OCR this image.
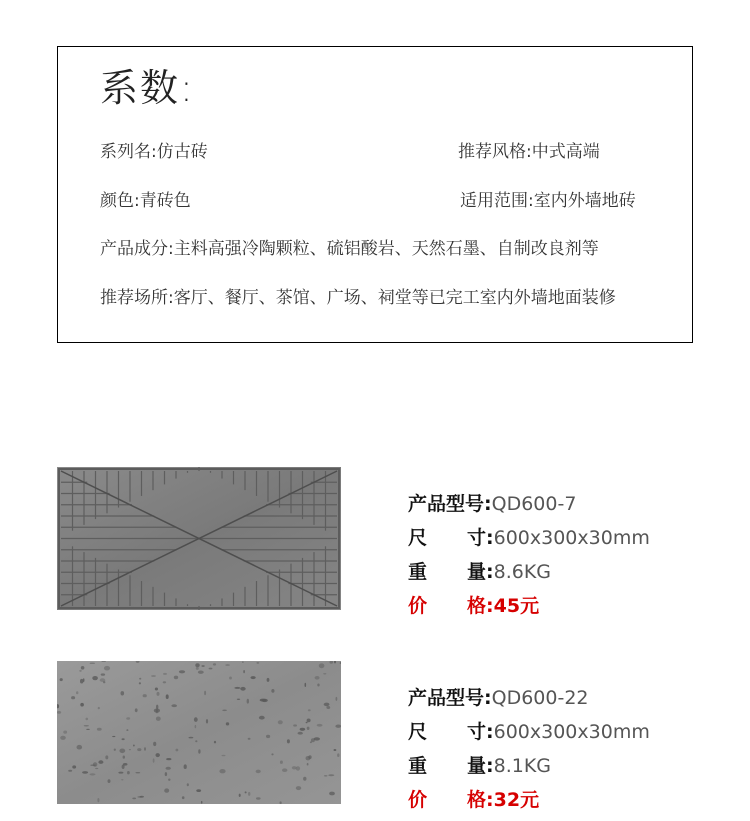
系数:
系列名:仿古砖	推荐风格:中式高端
颜色:青砖色	适用范围:室内外墙地砖
产品成分:主料高强冷陶颗粒、硫铝酸岩、天然石墨、自制改良剂等
推荐场所:客厅、餐厅、茶馆、广场、祠堂等已完工室内外墙地面装修
产品型号:QD600-7
尺 寸:600x300x30mm
重 量:8.6KG
价 格:45元
产品型号:QD600-22
尺 寸:600x300x30mm
重 量:8.1KG
价 格:32元
